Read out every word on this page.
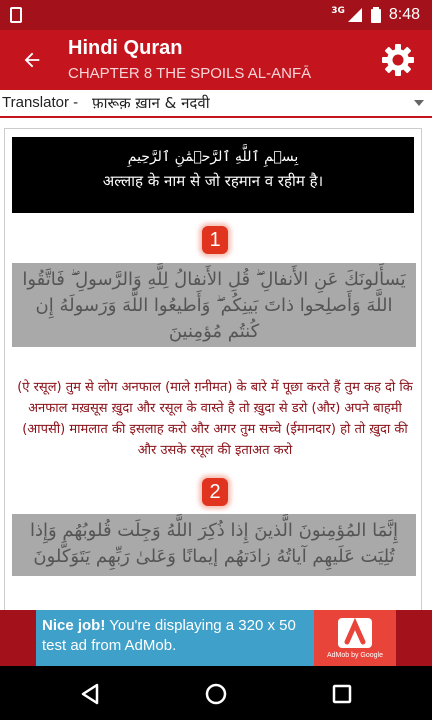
3G	8:48
Hindi Quran
CHAPTER 8 THE SPOILS AL-ANFĀ
Translator - फ़ारूक़ ख़ान & नदवी
بِسۡمِ ٱللَّهِ ٱلرَّحۡمَٰنِ ٱلرَّحِيمِ
अल्लाह के नाम से जो रहमान व रहीम है।
1
يَسأَلونَكَ عَنِ الأَنفالِ ۖ قُلِ الأَنفالُ لِلَّهِ وَالرَّسولِ ۖ فَاتَّقُوا اللَّهَ وَأَصلِحوا ذاتَ بَينِكُم ۖ وَأَطيعُوا اللَّهَ وَرَسولَهُ إِن كُنتُم مُؤمِنينَ
(ऐ रसूल) तुम से लोग अनफाल (माले ग़नीमत) के बारे में पूछा करते हैं तुम कह दो कि अनफाल मख़सूस ख़ुदा और रसूल के वास्ते है तो ख़ुदा से डरो (और) अपने बाहमी (आपसी) मामलात की इसलाह करो और अगर तुम सच्चे (ईमानदार) हो तो ख़ुदा की और उसके रसूल की इताअत करो
2
إِنَّمَا المُؤمِنونَ الَّذينَ إِذا ذُكِرَ اللَّهُ وَجِلَت قُلوبُهُم وَإِذا تُلِيَت عَلَيهِم آياتُهُ زادَتهُم إيمانًا وَعَلىٰ رَبِّهِم يَتَوَكَّلونَ
Nice job! You're displaying a 320 x 50 test ad from AdMob.
AdMob by Google
